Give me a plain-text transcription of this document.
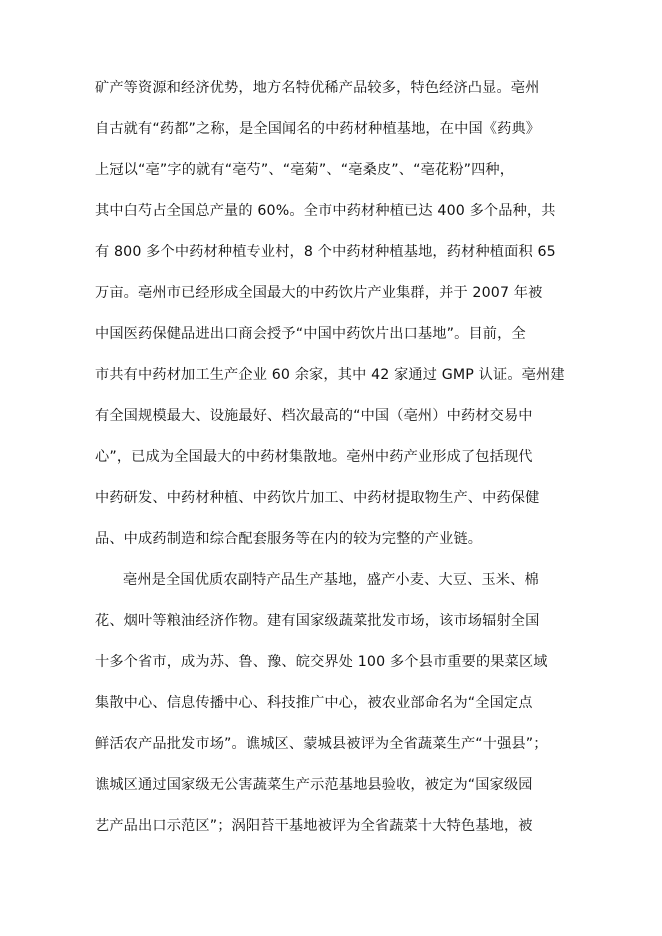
矿产等资源和经济优势，地方名特优稀产品较多，特色经济凸显。亳州
自古就有“药都”之称，是全国闻名的中药材种植基地，在中国《药典》
上冠以“亳”字的就有“亳芍”、“亳菊”、“亳桑皮”、“亳花粉”四种，
其中白芍占全国总产量的 60%。全市中药材种植已达 400 多个品种，共
有 800 多个中药材种植专业村，8 个中药材种植基地，药材种植面积 65
万亩。亳州市已经形成全国最大的中药饮片产业集群，并于 2007 年被
中国医药保健品进出口商会授予“中国中药饮片出口基地”。目前，全
市共有中药材加工生产企业 60 余家，其中 42 家通过 GMP 认证。亳州建
有全国规模最大、设施最好、档次最高的“中国（亳州）中药材交易中
心”，已成为全国最大的中药材集散地。亳州中药产业形成了包括现代
中药研发、中药材种植、中药饮片加工、中药材提取物生产、中药保健
品、中成药制造和综合配套服务等在内的较为完整的产业链。
亳州是全国优质农副特产品生产基地，盛产小麦、大豆、玉米、棉
花、烟叶等粮油经济作物。建有国家级蔬菜批发市场，该市场辐射全国
十多个省市，成为苏、鲁、豫、皖交界处 100 多个县市重要的果菜区域
集散中心、信息传播中心、科技推广中心，被农业部命名为“全国定点
鲜活农产品批发市场”。谯城区、蒙城县被评为全省蔬菜生产“十强县”；
谯城区通过国家级无公害蔬菜生产示范基地县验收，被定为“国家级园
艺产品出口示范区”；涡阳苔干基地被评为全省蔬菜十大特色基地，被
